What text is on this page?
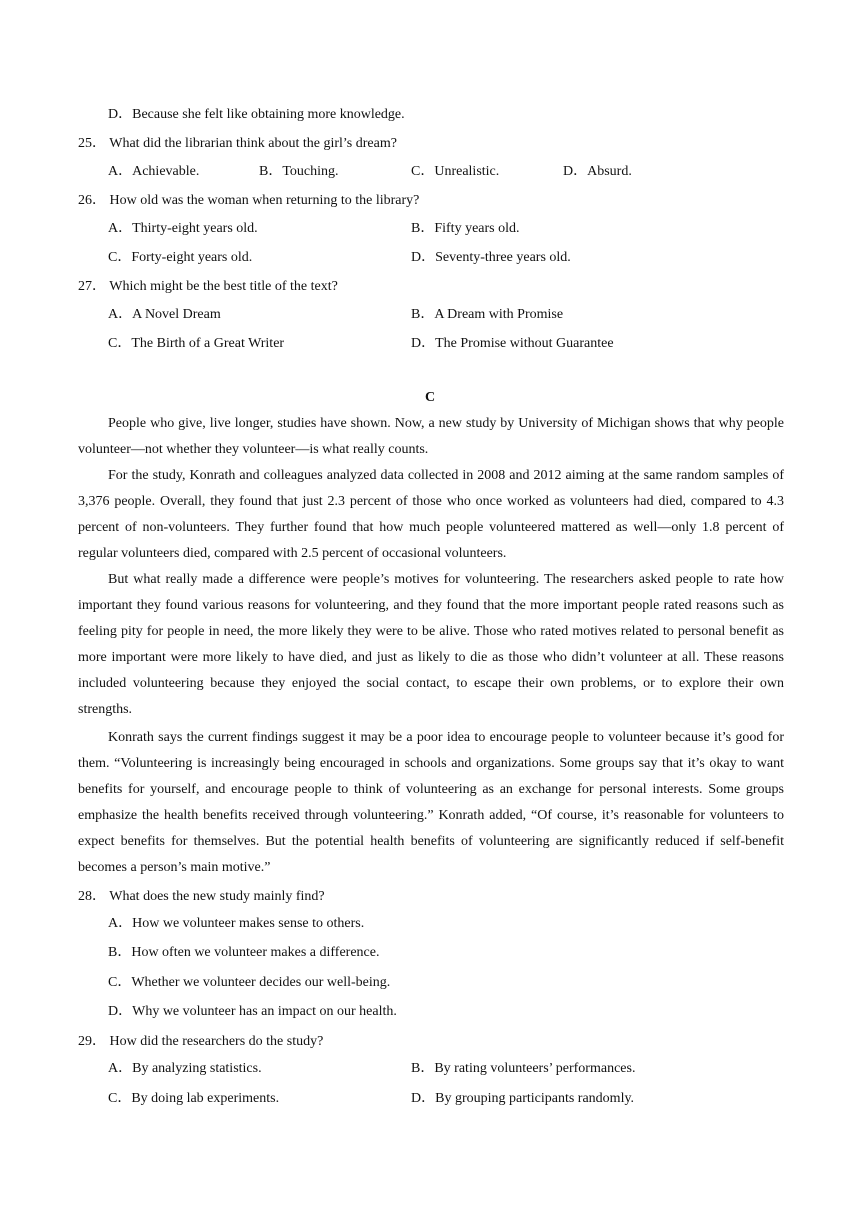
D．Because she felt like obtaining more knowledge.
25． What did the librarian think about the girl’s dream?
A．Achievable.	B．Touching.	C．Unrealistic.	D．Absurd.
26． How old was the woman when returning to the library?
A．Thirty-eight years old.	B．Fifty years old.
C．Forty-eight years old.	D．Seventy-three years old.
27． Which might be the best title of the text?
A．A Novel Dream	B．A Dream with Promise
C．The Birth of a Great Writer	D．The Promise without Guarantee
C
People who give, live longer, studies have shown. Now, a new study by University of Michigan shows that why people volunteer—not whether they volunteer—is what really counts.
For the study, Konrath and colleagues analyzed data collected in 2008 and 2012 aiming at the same random samples of 3,376 people. Overall, they found that just 2.3 percent of those who once worked as volunteers had died, compared to 4.3 percent of non-volunteers. They further found that how much people volunteered mattered as well—only 1.8 percent of regular volunteers died, compared with 2.5 percent of occasional volunteers.
But what really made a difference were people’s motives for volunteering. The researchers asked people to rate how important they found various reasons for volunteering, and they found that the more important people rated reasons such as feeling pity for people in need, the more likely they were to be alive. Those who rated motives related to personal benefit as more important were more likely to have died, and just as likely to die as those who didn’t volunteer at all. These reasons included volunteering because they enjoyed the social contact, to escape their own problems, or to explore their own strengths.
Konrath says the current findings suggest it may be a poor idea to encourage people to volunteer because it’s good for them. “Volunteering is increasingly being encouraged in schools and organizations. Some groups say that it’s okay to want benefits for yourself, and encourage people to think of volunteering as an exchange for personal interests. Some groups emphasize the health benefits received through volunteering.” Konrath added, “Of course, it’s reasonable for volunteers to expect benefits for themselves. But the potential health benefits of volunteering are significantly reduced if self-benefit becomes a person’s main motive.”
28． What does the new study mainly find?
A．How we volunteer makes sense to others.
B．How often we volunteer makes a difference.
C．Whether we volunteer decides our well-being.
D．Why we volunteer has an impact on our health.
29． How did the researchers do the study?
A．By analyzing statistics.	B．By rating volunteers’ performances.
C．By doing lab experiments.	D．By grouping participants randomly.
